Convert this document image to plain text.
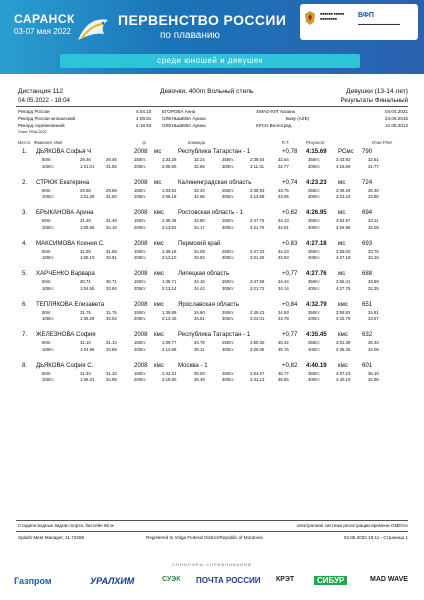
САРАНСК
03-07 мая 2022
ПЕРВЕНСТВО РОССИИ
по плаванию
среди юношей и девушек
■■■■■■ ■■■■■ ■■■■■■■■	ВФП
▬▬▬▬▬▬▬▬▬▬▬▬
Дистанция 112	Девочки, 400m Вольный стиль	Девушки (13-14 лет)
04.05.2022 - 18:04	Результаты Финальный
Рекорд России	4:04.10 ЕГОРОВА Анна	ХМАО-КЛГ Казань	04.04.2021
Рекорд России юношеский	4:08.81 ОЛЕНЬШЕВА Арина	Баку (AZE)	24.06.2015
Рекорд соревнований	4:18.63 ОЛЕНЬШЕВА Арина	КРСН Волгоград	12.05.2013
Очки: FINA 2022
Место Фамилия, Имя	гр	Команда	R.T.	Результат	Очки FINA
1. ДЬЯКОВА Софья Ч	2008 мс	Республика Татарстан - 1	+0,78 4:15.69 РСмс 790
50m:	29.46	29.46	150m:	1:33.25	32.24	250m:	2:38.54	32.64	350m:	3:43.92	32.61
100m:	1:01.01	31.55	200m:	2:05.90	32.65	300m:	3:11.31	32.77	400m:	4:15.69	31.77
2. СТРЮК Екатерина	2008 мс	Калининградская область	+0,74 4:23.23 мс	724
50m:	29.68	29.68	150m:	1:33.62	32.34	250m:	2:39.93	33.75	350m:	3:49.28	35.30
100m:	1:01.28	31.60	200m:	2:06.18	32.56	300m:	3:13.98	34.05	400m:	4:23.23	33.95
3. БРЫКАНОВА Арина	2008 кмс Ростовская область - 1	+0,62 4:26.95 мс	694
50m:	31.49	31.49	150m:	1:39.45	33.80	250m:	2:47.75	34.13	350m:	3:54.87	33.11
100m:	1:05.65	34.16	200m:	2:13.62	34.17	300m:	3:21.76	34.01	400m:	4:26.95	32.08
4. МАКСИМОВА Ксения С.	2008 кмс Пермский край	+0,83 4:27.18 мс	693
50m:	31.59	31.59	150m:	1:39.18	34.08	250m:	2:47.33	34.23	350m:	3:55.02	33.76
100m:	1:05.10	33.51	200m:	2:13.10	33.92	300m:	3:21.26	33.93	400m:	4:27.18	32.16
5. ХАРЧЕНКО Варвара	2008 кмс Липецкая область	+0,77 4:27.76 мс	688
50m:	30.71	30.71	150m:	1:38.71	34.16	250m:	2:47.58	34.44	350m:	3:55.41	33.69
100m:	1:04.55	33.84	200m:	2:13.14	34.43	300m:	3:21.72	34.14	400m:	4:27.76	32.35
6. ТЕПЛЯКОВА Елизавета	2008 кмс Ярославская область	+0,84 4:32.79 кмс 651
50m:	31.75	31.75	150m:	1:39.89	34.60	250m:	2:49.23	34.83	350m:	3:58.82	34.81
100m:	1:05.29	33.54	200m:	2:14.40	34.51	300m:	3:24.01	34.78	400m:	4:32.79	33.97
7. ЖЕЛЕЗНОВА София	2008 кмс Республика Татарстан - 1	+0,77 4:35.45 кмс 632
50m:	31.10	31.10	150m:	1:39.77	34.78	250m:	2:50.30	35.42	350m:	4:01.39	35.33
100m:	1:04.99	33.89	200m:	2:14.88	35.11	300m:	3:26.06	35.76	400m:	4:35.45	34.06
8. ДЬЯКОВА София С.	2008 кмс Москва - 1	+0,82 4:40.19 кмс 601
50m:	31.33	31.33	150m:	1:42.31	36.00	250m:	2:54.57	35.77	350m:	4:07.23	36.10
100m:	1:06.31	34.98	200m:	2:18.80	36.49	300m:	3:31.13	36.56	400m:	4:40.19	32.96
Стадион водных видов спорта, бассейн 50 м	электронная система регистрации времени OMEGA
Splash Meet Manager, 11.72268	Registered to Volga Federal District/Republic of Mordovia	04.05.2022 18:11 - Страница 1
СПОНСОРЫ СОРЕВНОВАНИЙ
Газпром	УРАЛХИМ	СУЭК ПОЧТА РОССИИ КРЭТ	СИБУР	MAD WAVE
